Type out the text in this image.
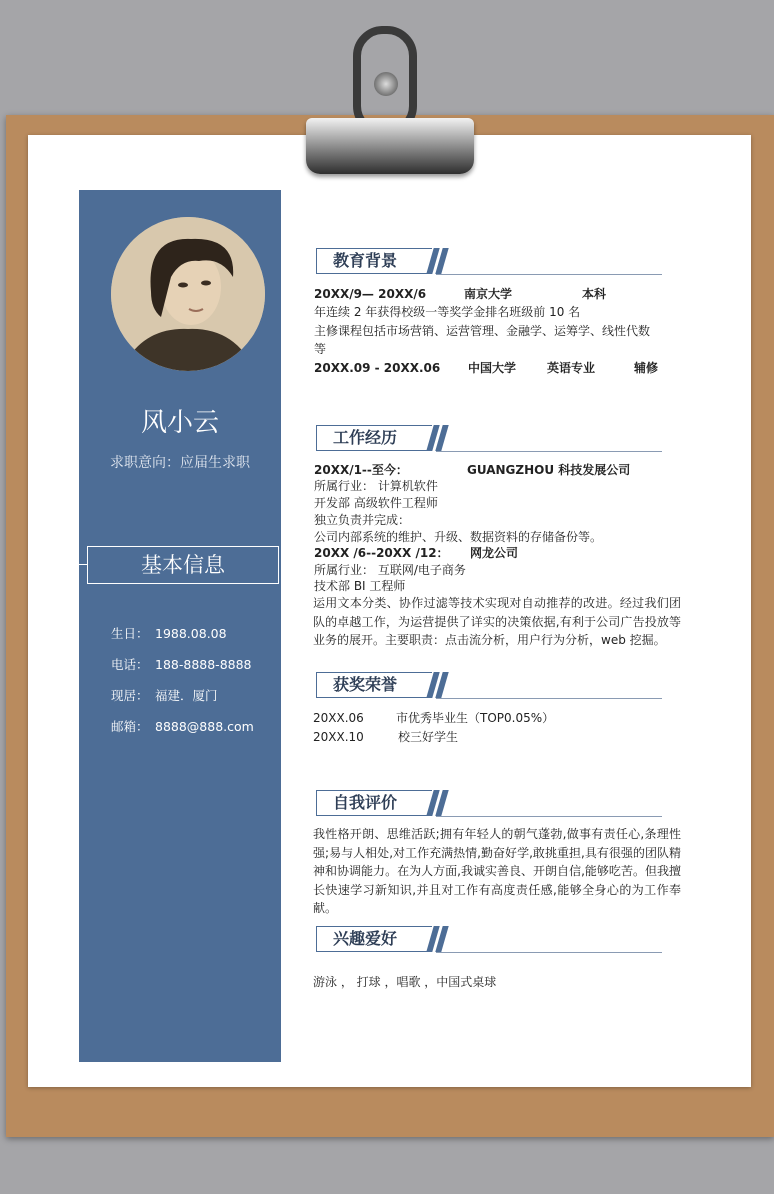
风小云
求职意向：应届生求职
基本信息
生日： 1988.08.08
电话： 188-8888-8888
现居： 福建．厦门
邮箱： 8888@888.com
教育背景
20XX/9— 20XX/6	南京大学	本科
年连续 2 年获得校级一等奖学金排名班级前 10 名
主修课程包括市场营销、运营管理、金融学、运筹学、线性代数
等
20XX.09 - 20XX.06 中国大学	英语专业	辅修
工作经历
20XX/1--至今：	GUANGZHOU 科技发展公司
所属行业： 计算机软件
开发部 高级软件工程师
独立负责并完成：
公司内部系统的维护、升级、数据资料的存储备份等。
20XX /6--20XX /12： 网龙公司
所属行业： 互联网/电子商务
技术部 BI 工程师
运用文本分类、协作过滤等技术实现对自动推荐的改进。经过我们团队的卓越工作，为运营提供了详实的决策依据,有利于公司广告投放等业务的展开。主要职责：点击流分析，用户行为分析，web 挖掘。
获奖荣誉
20XX.06	市优秀毕业生（TOP0.05%）
20XX.10	校三好学生
自我评价
我性格开朗、思维活跃;拥有年轻人的朝气蓬勃,做事有责任心,条理性强;易与人相处,对工作充满热情,勤奋好学,敢挑重担,具有很强的团队精神和协调能力。在为人方面,我诚实善良、开朗自信,能够吃苦。但我擅长快速学习新知识,并且对工作有高度责任感,能够全身心的为工作奉献。
兴趣爱好
游泳 ， 打球 ，唱歌 ，中国式桌球
